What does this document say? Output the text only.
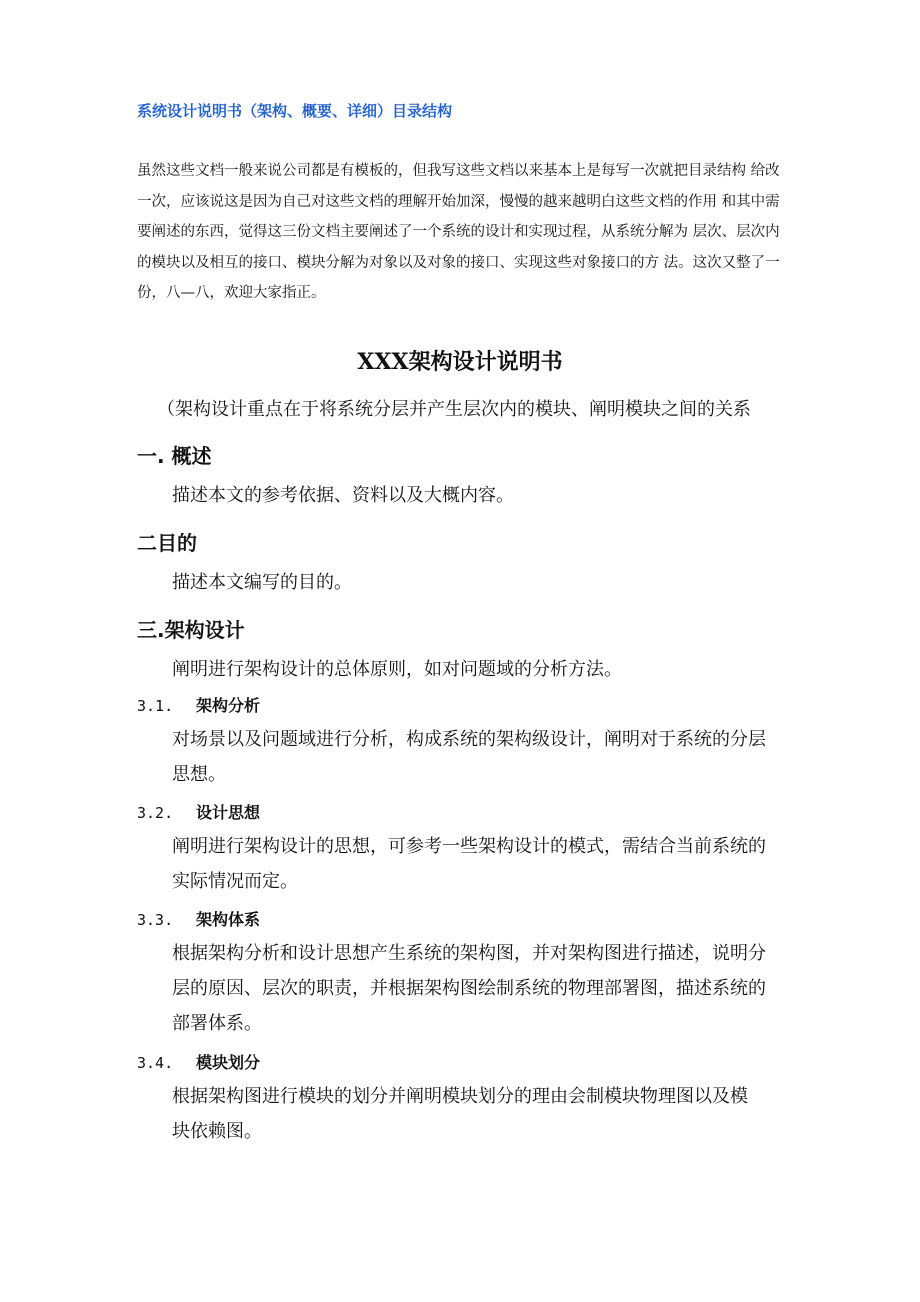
系统设计说明书（架构、概要、详细）目录结构
虽然这些文档一般来说公司都是有模板的，但我写这些文档以来基本上是每写一次就把目录结构 给改
一次，应该说这是因为自己对这些文档的理解开始加深，慢慢的越来越明白这些文档的作用 和其中需
要阐述的东西，觉得这三份文档主要阐述了一个系统的设计和实现过程，从系统分解为 层次、层次内
的模块以及相互的接口、模块分解为对象以及对象的接口、实现这些对象接口的方 法。这次又整了一
份，八—八，欢迎大家指正。
XXX架构设计说明书
（架构设计重点在于将系统分层并产生层次内的模块、阐明模块之间的关系
一. 概述
描述本文的参考依据、资料以及大概内容。
二目的
描述本文编写的目的。
三.架构设计
阐明进行架构设计的总体原则，如对问题域的分析方法。
3.1. 架构分析
对场景以及问题域进行分析，构成系统的架构级设计，阐明对于系统的分层
思想。
3.2. 设计思想
阐明进行架构设计的思想，可参考一些架构设计的模式，需结合当前系统的
实际情况而定。
3.3. 架构体系
根据架构分析和设计思想产生系统的架构图，并对架构图进行描述，说明分
层的原因、层次的职责，并根据架构图绘制系统的物理部署图，描述系统的
部署体系。
3.4. 模块划分
根据架构图进行模块的划分并阐明模块划分的理由会制模块物理图以及模
块依赖图。
